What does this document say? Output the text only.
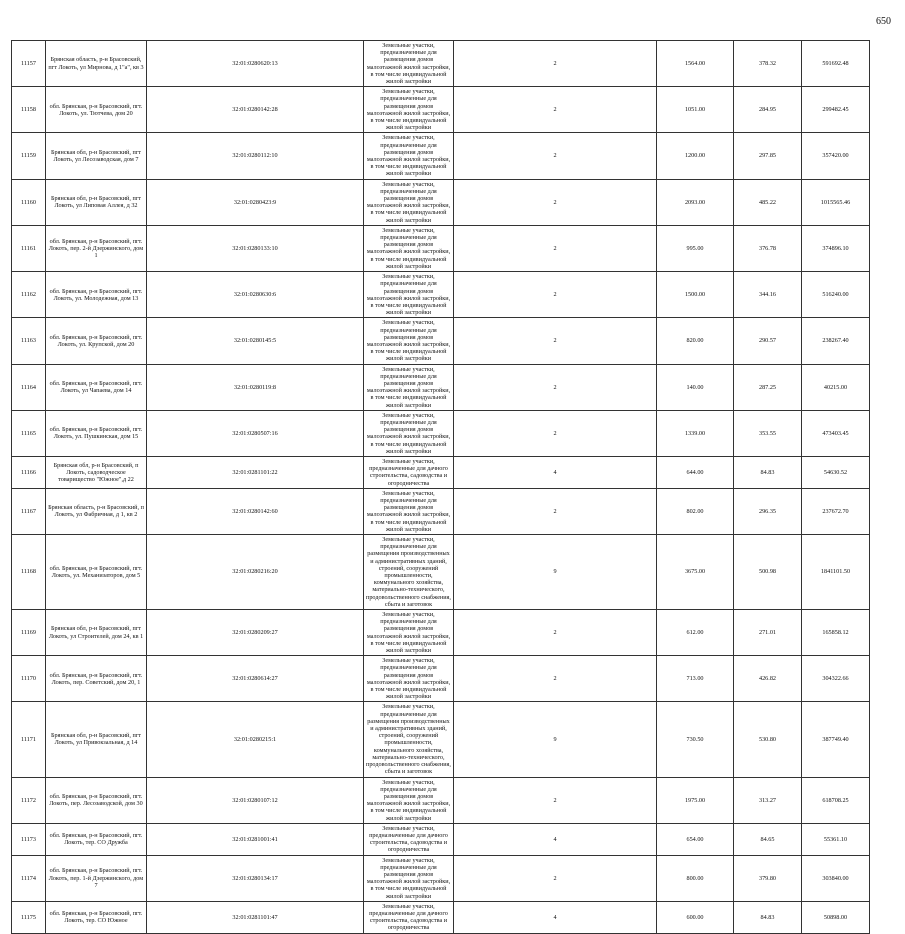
650
11157	Брянская область, р-н Брасовский, пгт Локоть, ул Мирнова, д 1"а", кв 3	32:01:0280620:13	Земельные участки, предназначенные для размещения домов малоэтажной жилой застройки, в том числе индивидуальной жилой застройки	2	1564.00	378.32	591692.48
11158	обл. Брянская, р-н Брасовский, пгт. Локоть, ул. Тютчева, дом 20	32:01:0280142:28	Земельные участки, предназначенные для размещения домов малоэтажной жилой застройки, в том числе индивидуальной жилой застройки	2	1051.00	284.95	299482.45
11159	Брянская обл, р-н Брасовский, пгт Локоть, ул Лесозаводская, дом 7	32:01:0280112:10	Земельные участки, предназначенные для размещения домов малоэтажной жилой застройки, в том числе индивидуальной жилой застройки	2	1200.00	297.85	357420.00
11160	Брянская обл, р-н Брасовский, пгт Локоть, ул Липовая Аллея, д 32	32:01:0280423:9	Земельные участки, предназначенные для размещения домов малоэтажной жилой застройки, в том числе индивидуальной жилой застройки	2	2093.00	485.22	1015565.46
11161	обл. Брянская, р-н Брасовский, пгт. Локоть, пер. 2-й Дзержинского, дом 1	32:01:0280133:10	Земельные участки, предназначенные для размещения домов малоэтажной жилой застройки, в том числе индивидуальной жилой застройки	2	995.00	376.78	374896.10
11162	обл. Брянская, р-н Брасовский, пгт. Локоть, ул. Молодежная, дом 13	32:01:0280630:6	Земельные участки, предназначенные для размещения домов малоэтажной жилой застройки, в том числе индивидуальной жилой застройки	2	1500.00	344.16	516240.00
11163	обл. Брянская, р-н Брасовский, пгт. Локоть, ул. Крупской, дом 20	32:01:0280145:5	Земельные участки, предназначенные для размещения домов малоэтажной жилой застройки, в том числе индивидуальной жилой застройки	2	820.00	290.57	238267.40
11164	обл. Брянская, р-н Брасовский, пгт. Локоть, ул Чапаева, дом 14	32:01:0280119:8	Земельные участки, предназначенные для размещения домов малоэтажной жилой застройки, в том числе индивидуальной жилой застройки	2	140.00	287.25	40215.00
11165	обл. Брянская, р-н Брасовский, пгт. Локоть, ул. Пушкинская, дом 15	32:01:0280507:16	Земельные участки, предназначенные для размещения домов малоэтажной жилой застройки, в том числе индивидуальной жилой застройки	2	1339.00	353.55	473403.45
11166	Брянская обл, р-н Брасовский, п Локоть, садоводческое товарищество "Южное",д 22	32:01:0281101:22	Земельные участки, предназначенные для дачного строительства, садоводства и огородничества	4	644.00	84.83	54630.52
11167	Брянская область, р-н Брасовский, п Локоть, ул Фабричная, д 1, кв 2	32:01:0280142:60	Земельные участки, предназначенные для размещения домов малоэтажной жилой застройки, в том числе индивидуальной жилой застройки	2	802.00	296.35	237672.70
11168	обл. Брянская, р-н Брасовский, пгт. Локоть, ул. Механизаторов, дом 5	32:01:0280216:20	Земельные участки, предназначенные для размещения производственных и административных зданий, строений, сооружений промышленности, коммунального хозяйства, материально-технического, продовольственного снабжения, сбыта и заготовок	9	3675.00	500.98	1841101.50
11169	Брянская обл, р-н Брасовский, пгт Локоть, ул Строителей, дом 24, кв 1	32:01:0280209:27	Земельные участки, предназначенные для размещения домов малоэтажной жилой застройки, в том числе индивидуальной жилой застройки	2	612.00	271.01	165858.12
11170	обл. Брянская, р-н Брасовский, пгт. Локоть, пер. Советский, дом 20, 1	32:01:0280614:27	Земельные участки, предназначенные для размещения домов малоэтажной жилой застройки, в том числе индивидуальной жилой застройки	2	713.00	426.82	304322.66
11171	Брянская обл, р-н Брасовский, пгт Локоть, ул Привокзальная, д 14	32:01:0280215:1	Земельные участки, предназначенные для размещения производственных и административных зданий, строений, сооружений промышленности, коммунального хозяйства, материально-технического, продовольственного снабжения, сбыта и заготовок	9	730.50	530.80	387749.40
11172	обл. Брянская, р-н Брасовский, пгт. Локоть, пер. Лесозаводской, дом 30	32:01:0280107:12	Земельные участки, предназначенные для размещения домов малоэтажной жилой застройки, в том числе индивидуальной жилой застройки	2	1975.00	313.27	618708.25
11173	обл. Брянская, р-н Брасовский, пгт. Локоть, тер. СО Дружба	32:01:0281001:41	Земельные участки, предназначенные для дачного строительства, садоводства и огородничества	4	654.00	84.65	55361.10
11174	обл. Брянская, р-н Брасовский, пгт. Локоть, пер. 1-й Дзержинского, дом 7	32:01:0280134:17	Земельные участки, предназначенные для размещения домов малоэтажной жилой застройки, в том числе индивидуальной жилой застройки	2	800.00	379.80	303840.00
11175	обл. Брянская, р-н Брасовский, пгт. Локоть, тер. СО Южное	32:01:0281101:47	Земельные участки, предназначенные для дачного строительства, садоводства и огородничества	4	600.00	84.83	50898.00
